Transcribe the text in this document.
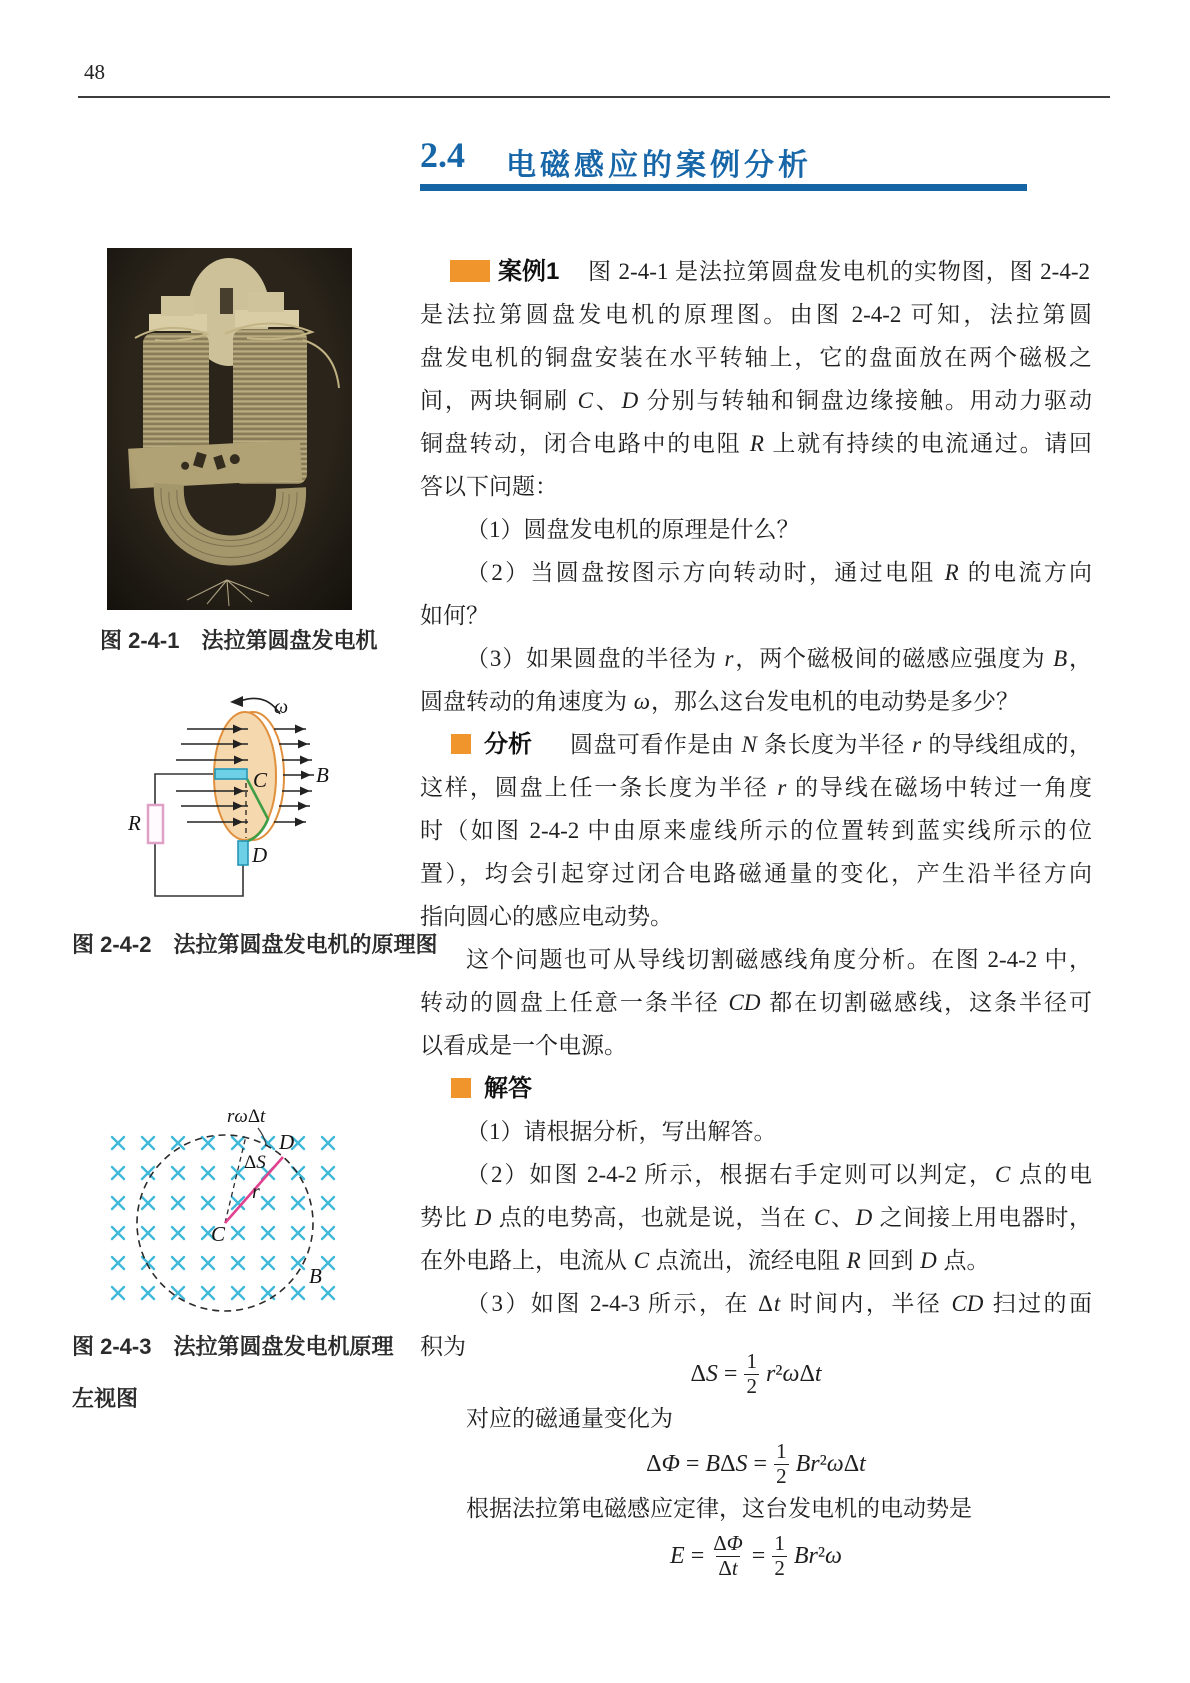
48
2.4 电磁感应的案例分析
图 2-4-1　法拉第圆盘发电机
ω
B
C
D
R
图 2-4-2　法拉第圆盘发电机的原理图
rωΔt
D
ΔS
r
C
B
图 2-4-3　法拉第圆盘发电机原理
左视图
案例1 图 2-4-1 是法拉第圆盘发电机的实物图，图 2-4-2
是法拉第圆盘发电机的原理图。由图 2-4-2 可知，法拉第圆
盘发电机的铜盘安装在水平转轴上，它的盘面放在两个磁极之
间，两块铜刷 C、D 分别与转轴和铜盘边缘接触。用动力驱动
铜盘转动，闭合电路中的电阻 R 上就有持续的电流通过。请回
答以下问题：
（1）圆盘发电机的原理是什么？
（2）当圆盘按图示方向转动时，通过电阻 R 的电流方向
如何？
（3）如果圆盘的半径为 r，两个磁极间的磁感应强度为 B，
圆盘转动的角速度为 ω，那么这台发电机的电动势是多少？
分析 圆盘可看作是由 N 条长度为半径 r 的导线组成的，
这样，圆盘上任一条长度为半径 r 的导线在磁场中转过一角度
时（如图 2-4-2 中由原来虚线所示的位置转到蓝实线所示的位
置），均会引起穿过闭合电路磁通量的变化，产生沿半径方向
指向圆心的感应电动势。
这个问题也可从导线切割磁感线角度分析。在图 2-4-2 中，
转动的圆盘上任意一条半径 CD 都在切割磁感线，这条半径可
以看成是一个电源。
解答
（1）请根据分析，写出解答。
（2）如图 2-4-2 所示，根据右手定则可以判定，C 点的电
势比 D 点的电势高，也就是说，当在 C、D 之间接上用电器时，
在外电路上，电流从 C 点流出，流经电阻 R 回到 D 点。
（3）如图 2-4-3 所示，在 Δt 时间内，半径 CD 扫过的面
积为
$\Delta S = \frac{1}{2} r^2\omega\Delta t$
对应的磁通量变化为
$\Delta\Phi = B\Delta S = \frac{1}{2} Br^2\omega\Delta t$
根据法拉第电磁感应定律，这台发电机的电动势是
$E = \frac{\Delta\Phi}{\Delta t} = \frac{1}{2} Br^2\omega$
